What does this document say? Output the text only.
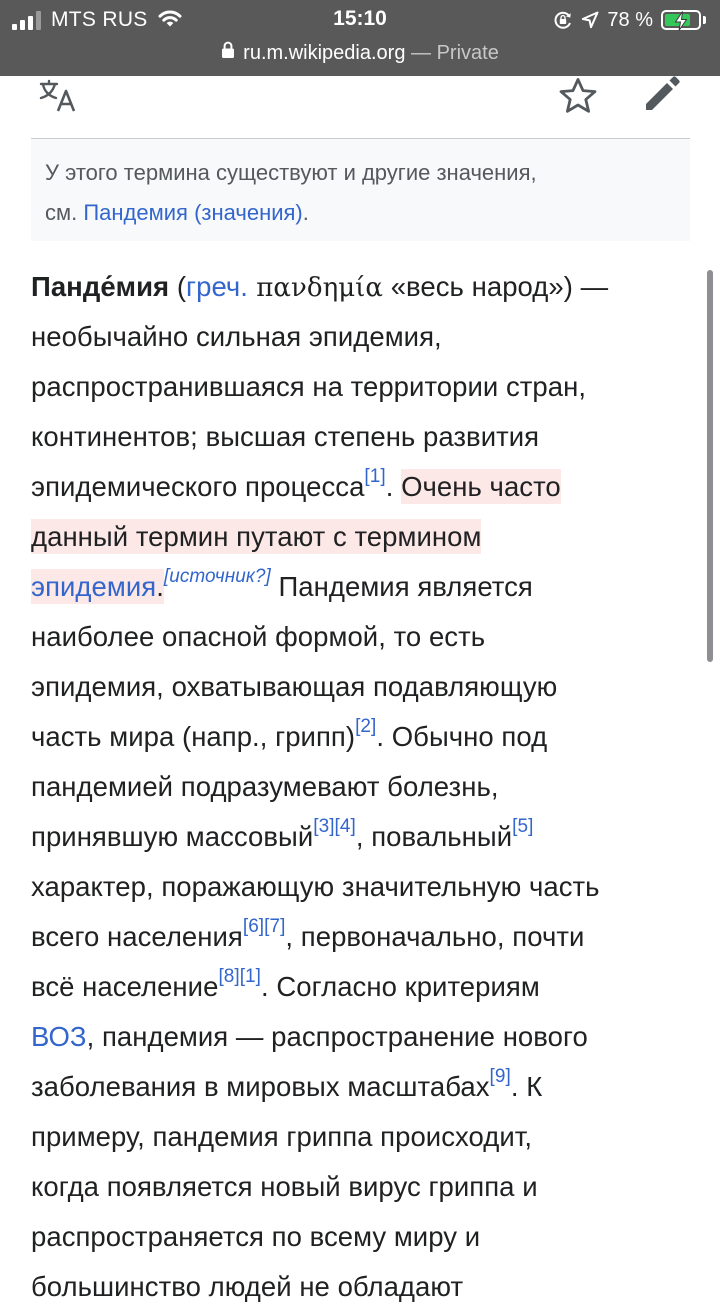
MTS RUS	15:10	78 %
ru.m.wikipedia.org — Private
У этого термина существуют и другие значения,
см. Пандемия (значения).
Панде́мия (греч. πανδημία «весь народ») —
необычайно сильная эпидемия,
распространившаяся на территории стран,
континентов; высшая степень развития
эпидемического процесса[1]. Очень часто
данный термин путают с термином
эпидемия.[источник?] Пандемия является
наиболее опасной формой, то есть
эпидемия, охватывающая подавляющую
часть мира (напр., грипп)[2]. Обычно под
пандемией подразумевают болезнь,
принявшую массовый[3][4], повальный[5]
характер, поражающую значительную часть
всего населения[6][7], первоначально, почти
всё население[8][1]. Согласно критериям
ВОЗ, пандемия — распространение нового
заболевания в мировых масштабах[9]. К
примеру, пандемия гриппа происходит,
когда появляется новый вирус гриппа и
распространяется по всему миру и
большинство людей не обладают
